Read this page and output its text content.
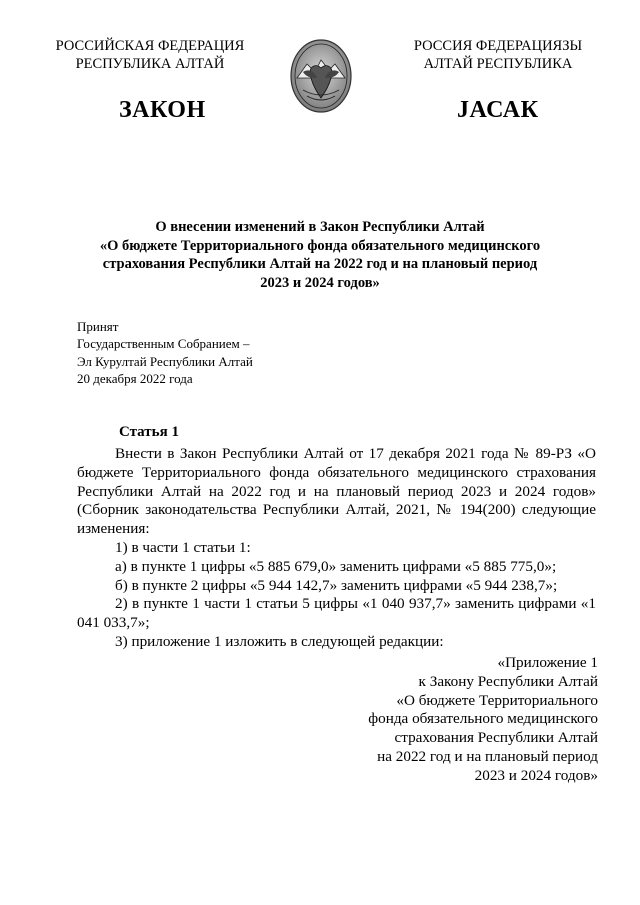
РОССИЙСКАЯ ФЕДЕРАЦИЯ
РЕСПУБЛИКА АЛТАЙ
РОССИЯ ФЕДЕРАЦИЯЗЫ
АЛТАЙ РЕСПУБЛИКА
ЗАКОН	ЈАСАК
О внесении изменений в Закон Республики Алтай
«О бюджете Территориального фонда обязательного медицинского
страхования Республики Алтай на 2022 год и на плановый период
2023 и 2024 годов»
Принят
Государственным Собранием –
Эл Курултай Республики Алтай
20 декабря 2022 года
Статья 1

Внести в Закон Республики Алтай от 17 декабря 2021 года № 89-РЗ «О бюджете Территориального фонда обязательного медицинского страхования Республики Алтай на 2022 год и на плановый период 2023 и 2024 годов» (Сборник законодательства Республики Алтай, 2021, № 194(200) следующие изменения:

1) в части 1 статьи 1:

а) в пункте 1 цифры «5 885 679,0» заменить цифрами «5 885 775,0»;

б) в пункте 2 цифры «5 944 142,7» заменить цифрами «5 944 238,7»;

2) в пункте 1 части 1 статьи 5 цифры «1 040 937,7» заменить цифрами «1 041 033,7»;

3) приложение 1 изложить в следующей редакции:

«Приложение 1
к Закону Республики Алтай
«О бюджете Территориального
фонда обязательного медицинского
страхования Республики Алтай
на 2022 год и на плановый период
2023 и 2024 годов»
